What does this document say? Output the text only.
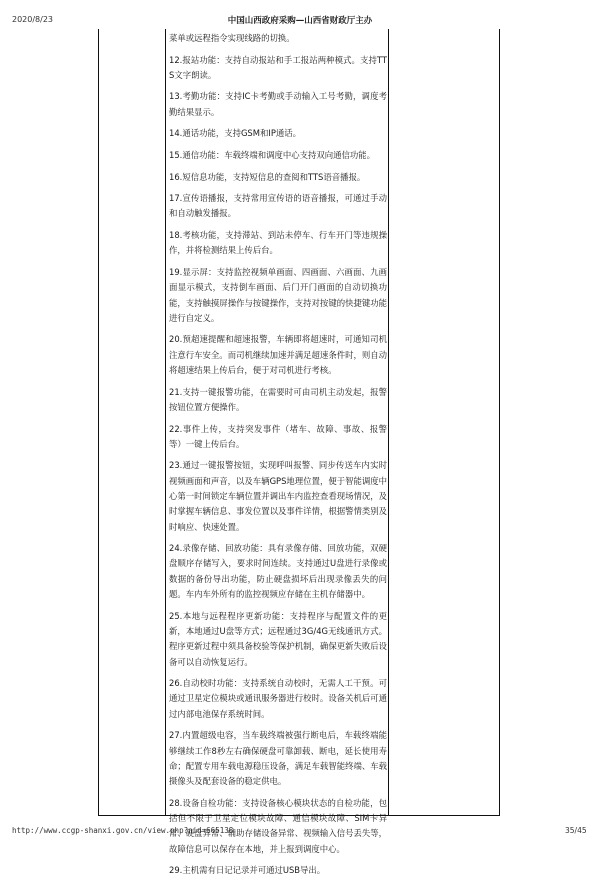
2020/8/23	中国山西政府采购—山西省财政厅主办

菜单或远程指令实现线路的切换。

12.报站功能：支持自动报站和手工报站两种模式。支持TTS文字朗读。

13.考勤功能：支持IC卡考勤或手动输入工号考勤，调度考勤结果显示。

14.通话功能，支持GSM和IP通话。

15.通信功能：车载终端和调度中心支持双向通信功能。

16.短信息功能，支持短信息的查阅和TTS语音播报。

17.宣传语播报，支持常用宣传语的语音播报，可通过手动和自动触发播报。

18.考核功能，支持滞站、到站未停车、行车开门等违规操作，并将检测结果上传后台。

19.显示屏：支持监控视频单画面、四画面、六画面、九画面显示模式，支持倒车画面、后门开门画面的自动切换功能，支持触摸屏操作与按键操作，支持对按键的快捷键功能进行自定义。

20.预超速提醒和超速报警，车辆即将超速时，可通知司机注意行车安全。而司机继续加速并满足超速条件时，则自动将超速结果上传后台，便于对司机进行考核。

21.支持一键报警功能，在需要时可由司机主动发起，报警按钮位置方便操作。

22.事件上传，支持突发事件（堵车、故障、事故、报警等）一键上传后台。

23.通过一键报警按钮，实现呼叫报警、同步传送车内实时视频画面和声音，以及车辆GPS地理位置，便于智能调度中心第一时间锁定车辆位置并调出车内监控查看现场情况，及时掌握车辆信息、事发位置以及事件详情，根据警情类别及时响应、快速处置。

24.录像存储、回放功能：具有录像存储、回放功能，双硬盘顺序存储写入，要求时间连续。支持通过U盘进行录像或数据的备份导出功能，防止硬盘损坏后出现录像丢失的问题。车内车外所有的监控视频应存储在主机存储器中。

25.本地与远程程序更新功能：支持程序与配置文件的更新，本地通过U盘等方式；远程通过3G/4G无线通讯方式。程序更新过程中须具备校验等保护机制，确保更新失败后设备可以自动恢复运行。

26.自动校时功能：支持系统自动校时，无需人工干预。可通过卫星定位模块或通讯服务器进行校时。设备关机后可通过内部电池保存系统时间。

27.内置超级电容，当车载终端被强行断电后，车载终端能够继续工作8秒左右确保硬盘可靠卸载、断电，延长使用寿命；配置专用车载电源稳压设备，满足车载智能终端、车载摄像头及配套设备的稳定供电。

28.设备自检功能：支持设备核心模块状态的自检功能，包括但不限于卫星定位模块故障、通信模块故障、SIM卡异常、硬盘异常、辅助存储设备异常、视频输入信号丢失等，故障信息可以保存在本地，并上报到调度中心。

29.主机需有日记记录并可通过USB导出。

http://www.ccgp-shanxi.gov.cn/view.php?nid=665138	35/45
